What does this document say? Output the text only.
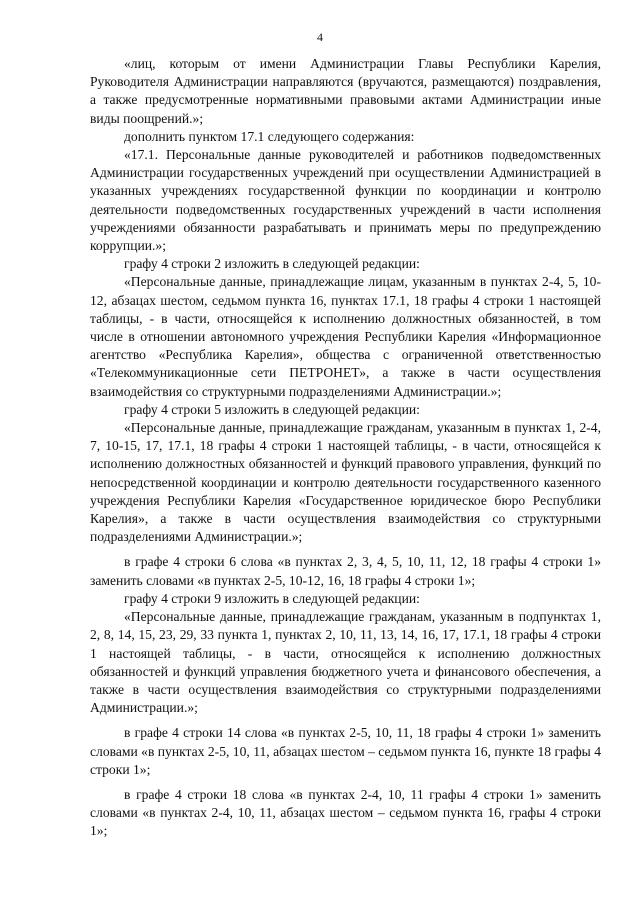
4

«лиц, которым от имени Администрации Главы Республики Карелия, Руководителя Администрации направляются (вручаются, размещаются) поздравления, а также предусмотренные нормативными правовыми актами Администрации иные виды поощрений.»;

дополнить пунктом 17.1 следующего содержания:

«17.1. Персональные данные руководителей и работников подведомственных Администрации государственных учреждений при осуществлении Администрацией в указанных учреждениях государственной функции по координации и контролю деятельности подведомственных государственных учреждений в части исполнения учреждениями обязанности разрабатывать и принимать меры по предупреждению коррупции.»;

графу 4 строки 2 изложить в следующей редакции:

«Персональные данные, принадлежащие лицам, указанным в пунктах 2-4, 5, 10-12, абзацах шестом, седьмом пункта 16, пунктах 17.1, 18 графы 4 строки 1 настоящей таблицы, - в части, относящейся к исполнению должностных обязанностей, в том числе в отношении автономного учреждения Республики Карелия «Информационное агентство «Республика Карелия», общества с ограниченной ответственностью «Телекоммуникационные сети ПЕТРОНЕТ», а также в части осуществления взаимодействия со структурными подразделениями Администрации.»;

графу 4 строки 5 изложить в следующей редакции:

«Персональные данные, принадлежащие гражданам, указанным в пунктах 1, 2-4, 7, 10-15, 17, 17.1, 18 графы 4 строки 1 настоящей таблицы, - в части, относящейся к исполнению должностных обязанностей и функций правового управления, функций по непосредственной координации и контролю деятельности государственного казенного учреждения Республики Карелия «Государственное юридическое бюро Республики Карелия», а также в части осуществления взаимодействия со структурными подразделениями Администрации.»;

в графе 4 строки 6 слова «в пунктах 2, 3, 4, 5, 10, 11, 12, 18 графы 4 строки 1» заменить словами «в пунктах 2-5, 10-12, 16, 18 графы 4 строки 1»;

графу 4 строки 9 изложить в следующей редакции:

«Персональные данные, принадлежащие гражданам, указанным в подпунктах 1, 2, 8, 14, 15, 23, 29, 33 пункта 1, пунктах 2, 10, 11, 13, 14, 16, 17, 17.1, 18 графы 4 строки 1 настоящей таблицы, - в части, относящейся к исполнению должностных обязанностей и функций управления бюджетного учета и финансового обеспечения, а также в части осуществления взаимодействия со структурными подразделениями Администрации.»;

в графе 4 строки 14 слова «в пунктах 2-5, 10, 11, 18 графы 4 строки 1» заменить словами «в пунктах 2-5, 10, 11, абзацах шестом – седьмом пункта 16, пункте 18 графы 4 строки 1»;

в графе 4 строки 18 слова «в пунктах 2-4, 10, 11 графы 4 строки 1» заменить словами «в пунктах 2-4, 10, 11, абзацах шестом – седьмом пункта 16, графы 4 строки 1»;
